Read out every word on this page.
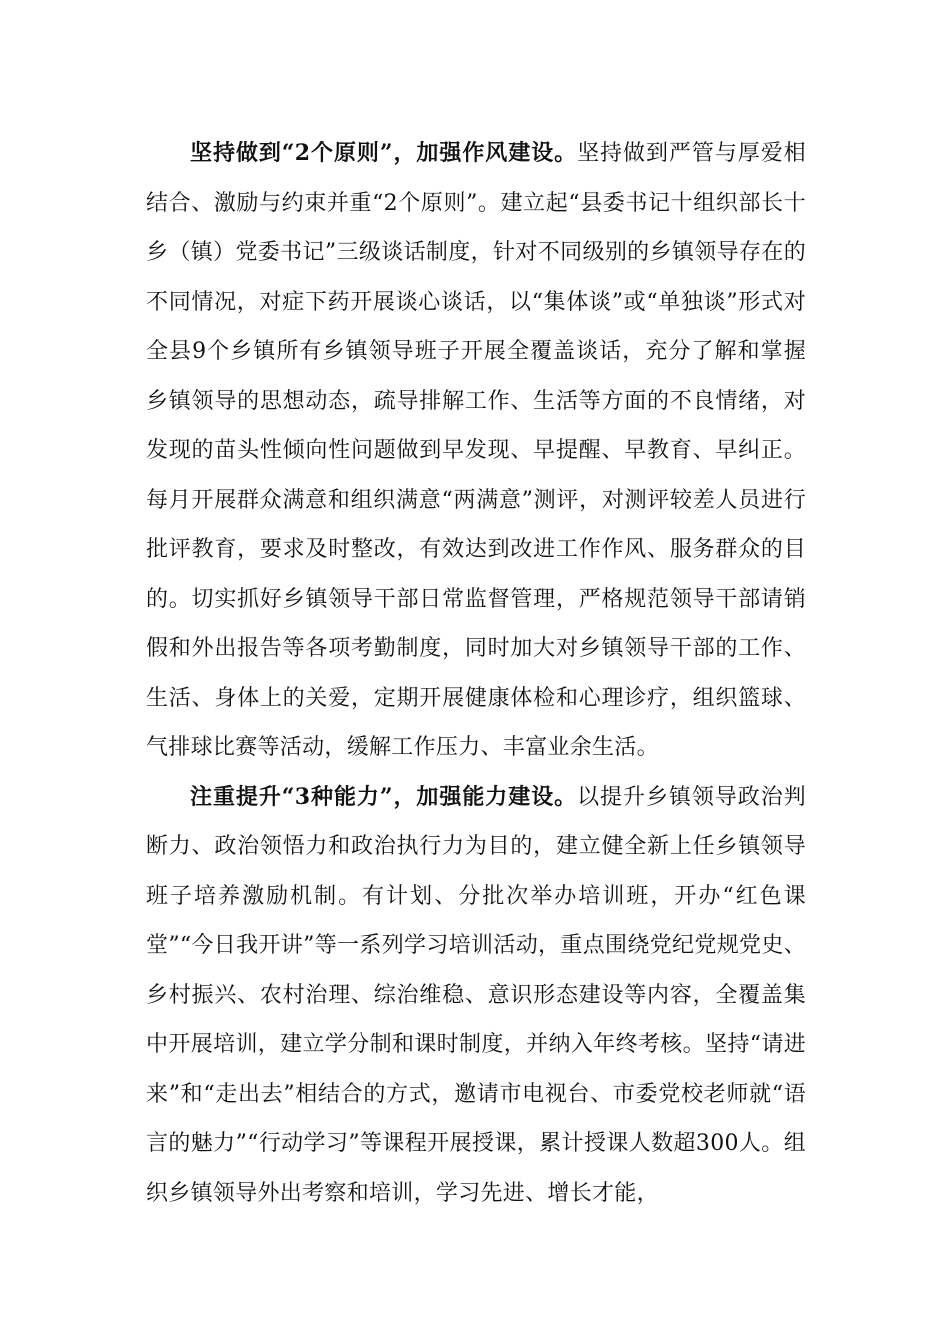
坚持做到“2个原则”，加强作风建设。坚持做到严管与厚爱相结合、激励与约束并重“2个原则”。建立起“县委书记十组织部长十乡（镇）党委书记”三级谈话制度，针对不同级别的乡镇领导存在的不同情况，对症下药开展谈心谈话，以“集体谈”或“单独谈”形式对全县9个乡镇所有乡镇领导班子开展全覆盖谈话，充分了解和掌握乡镇领导的思想动态，疏导排解工作、生活等方面的不良情绪，对发现的苗头性倾向性问题做到早发现、早提醒、早教育、早纠正。每月开展群众满意和组织满意“两满意”测评，对测评较差人员进行批评教育，要求及时整改，有效达到改进工作作风、服务群众的目的。切实抓好乡镇领导干部日常监督管理，严格规范领导干部请销假和外出报告等各项考勤制度，同时加大对乡镇领导干部的工作、生活、身体上的关爱，定期开展健康体检和心理诊疗，组织篮球、气排球比赛等活动，缓解工作压力、丰富业余生活。

注重提升“3种能力”，加强能力建设。以提升乡镇领导政治判断力、政治领悟力和政治执行力为目的，建立健全新上任乡镇领导班子培养激励机制。有计划、分批次举办培训班，开办“红色课堂”“今日我开讲”等一系列学习培训活动，重点围绕党纪党规党史、乡村振兴、农村治理、综治维稳、意识形态建设等内容，全覆盖集中开展培训，建立学分制和课时制度，并纳入年终考核。坚持“请进来”和“走出去”相结合的方式，邀请市电视台、市委党校老师就“语言的魅力”“行动学习”等课程开展授课，累计授课人数超300人。组织乡镇领导外出考察和培训，学习先进、增长才能，
